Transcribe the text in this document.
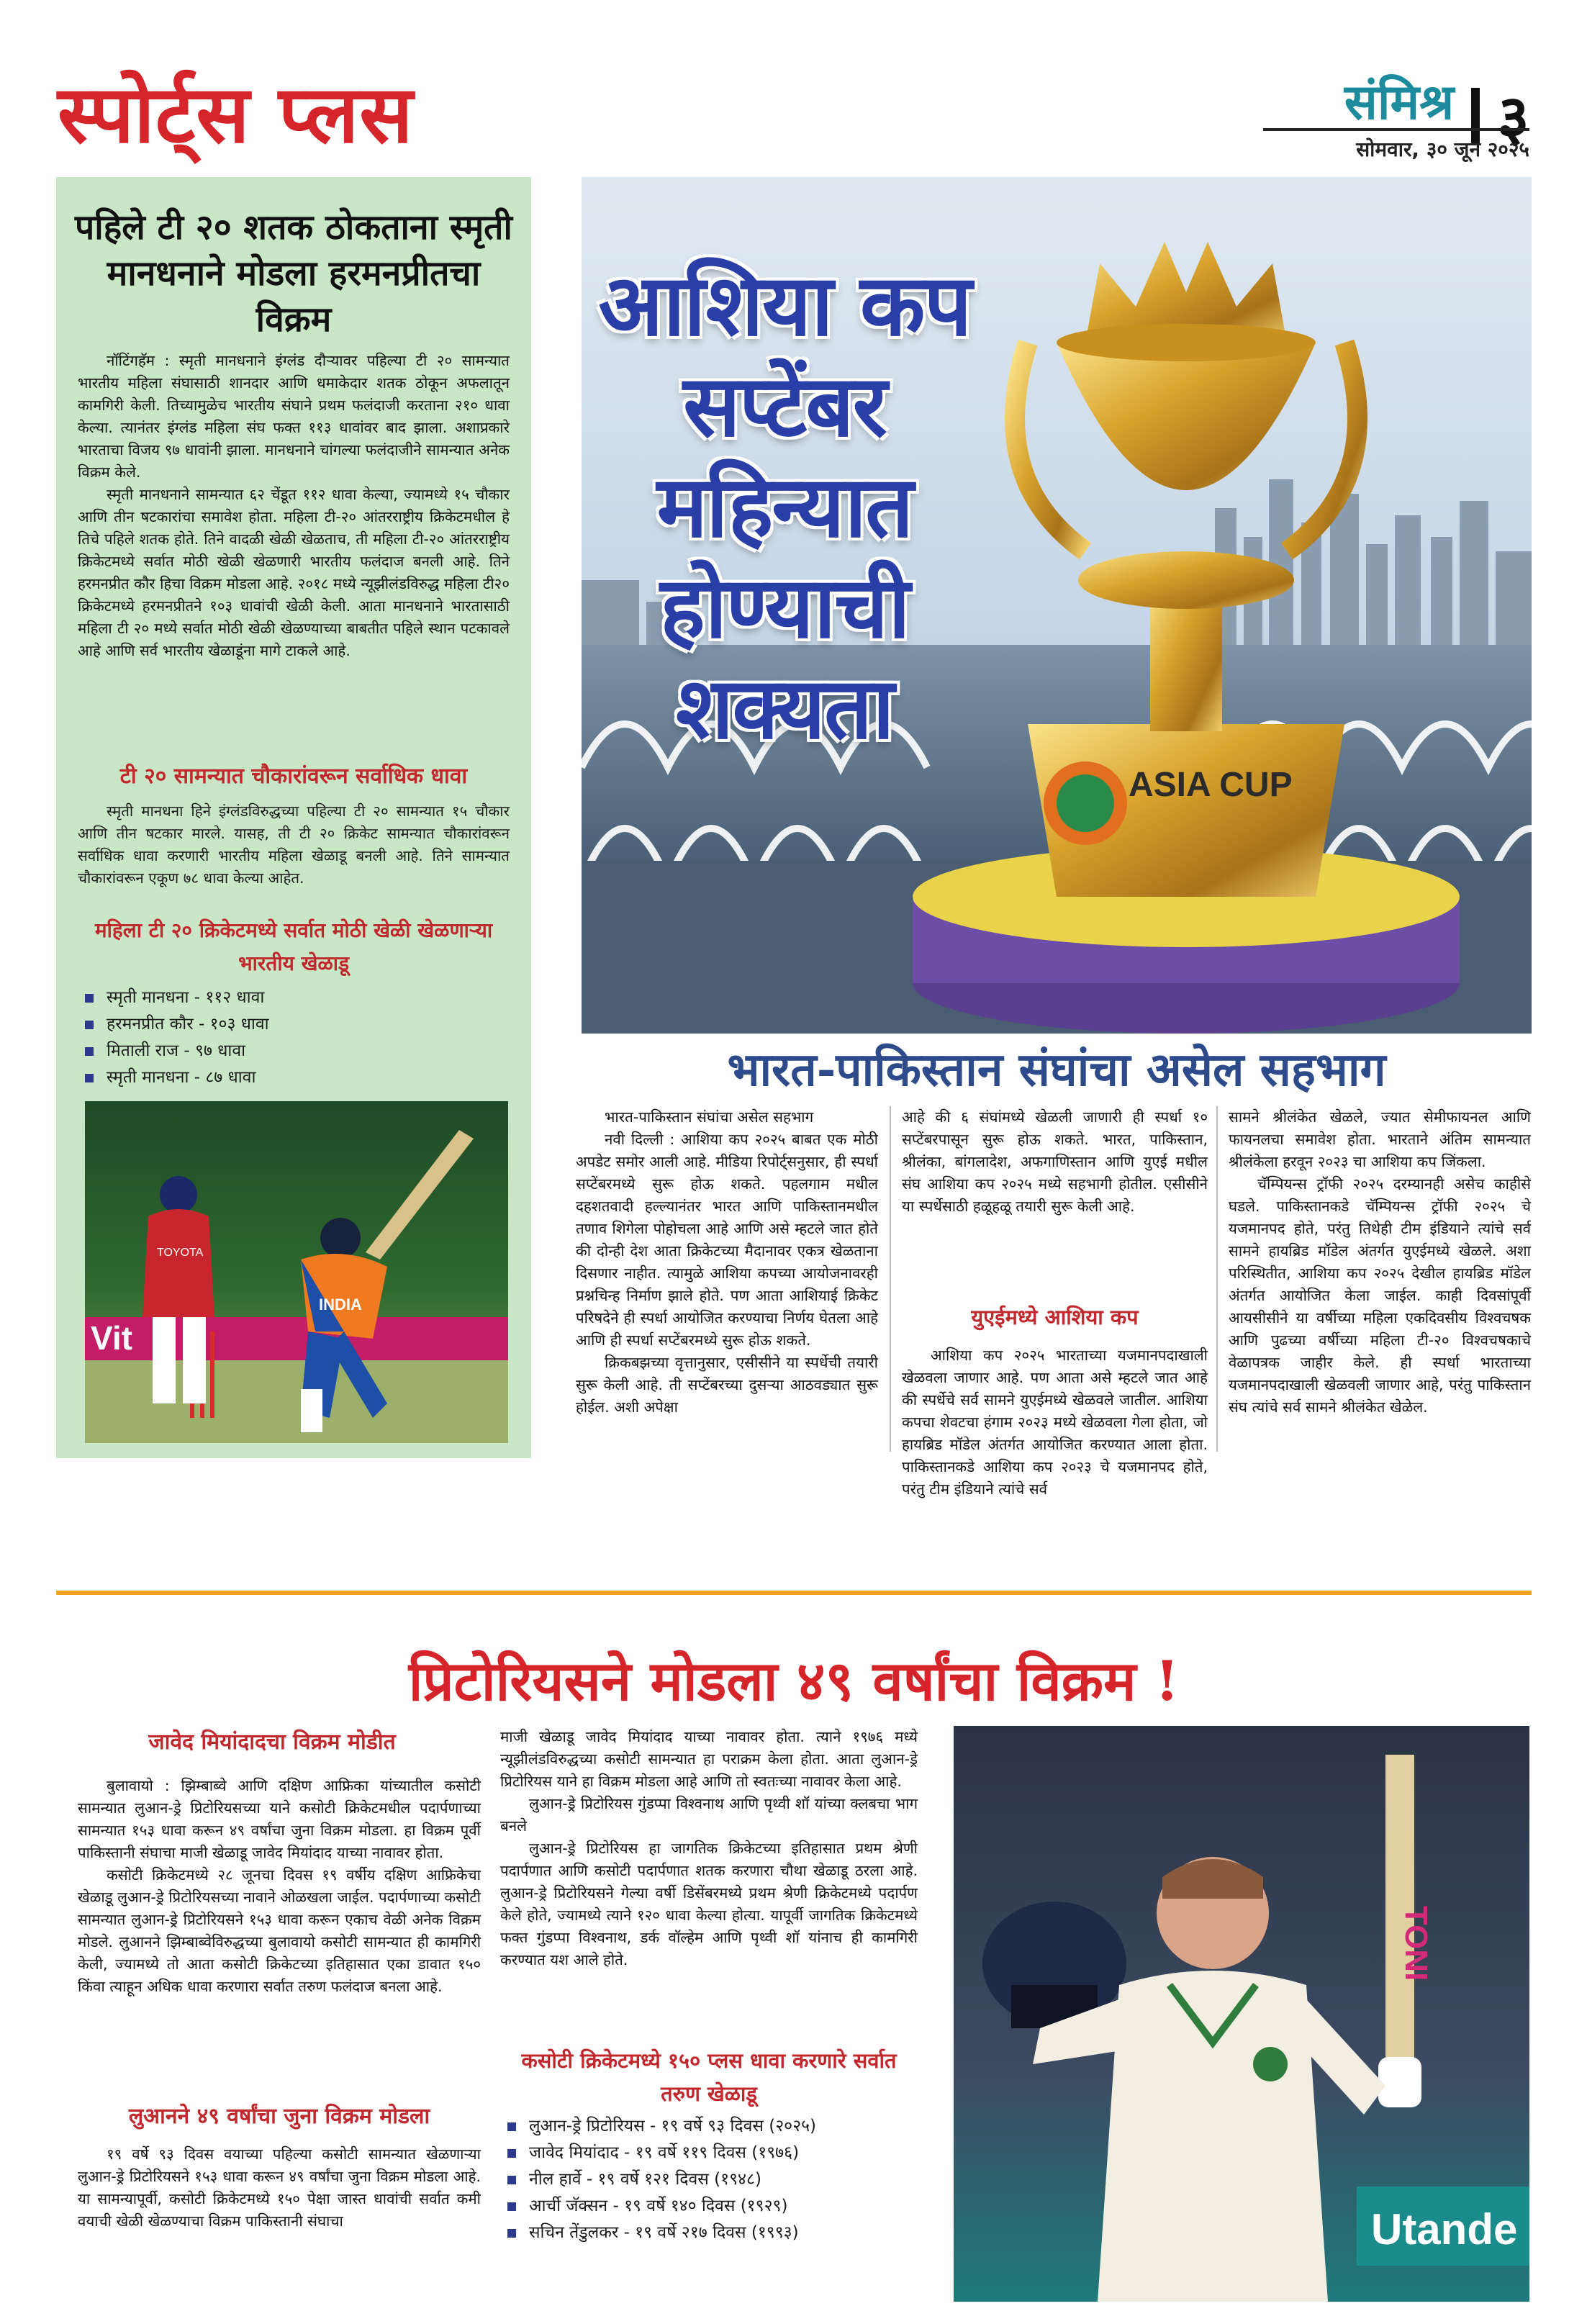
स्पोर्ट्स प्लस	संमिश्र ३
सोमवार, ३० जून २०२५
पहिले टी २० शतक ठोकताना स्मृती मानधनाने मोडला हरमनप्रीतचा विक्रम

नॉटिंगहॅम : स्मृती मानधनाने इंग्लंड दौऱ्यावर पहिल्या टी २० सामन्यात भारतीय महिला संघासाठी शानदार आणि धमाकेदार शतक ठोकून अफलातून कामगिरी केली. तिच्यामुळेच भारतीय संघाने प्रथम फलंदाजी करताना २१० धावा केल्या. त्यानंतर इंग्लंड महिला संघ फक्त ११३ धावांवर बाद झाला. अशाप्रकारे भारताचा विजय ९७ धावांनी झाला. मानधनाने चांगल्या फलंदाजीने सामन्यात अनेक विक्रम केले.

स्मृती मानधनाने सामन्यात ६२ चेंडूत ११२ धावा केल्या, ज्यामध्ये १५ चौकार आणि तीन षटकारांचा समावेश होता. महिला टी-२० आंतरराष्ट्रीय क्रिकेटमधील हे तिचे पहिले शतक होते. तिने वादळी खेळी खेळताच, ती महिला टी-२० आंतरराष्ट्रीय क्रिकेटमध्ये सर्वात मोठी खेळी खेळणारी भारतीय फलंदाज बनली आहे. तिने हरमनप्रीत कौर हिचा विक्रम मोडला आहे. २०१८ मध्ये न्यूझीलंडविरुद्ध महिला टी२० क्रिकेटमध्ये हरमनप्रीतने १०३ धावांची खेळी केली. आता मानधनाने भारतासाठी महिला टी २० मध्ये सर्वात मोठी खेळी खेळण्याच्या बाबतीत पहिले स्थान पटकावले आहे आणि सर्व भारतीय खेळाडूंना मागे टाकले आहे.

टी २० सामन्यात चौकारांवरून सर्वाधिक धावा

स्मृती मानधना हिने इंग्लंडविरुद्धच्या पहिल्या टी २० सामन्यात १५ चौकार आणि तीन षटकार मारले. यासह, ती टी २० क्रिकेट सामन्यात चौकारांवरून सर्वाधिक धावा करणारी भारतीय महिला खेळाडू बनली आहे. तिने सामन्यात चौकारांवरून एकूण ७८ धावा केल्या आहेत.

महिला टी २० क्रिकेटमध्ये सर्वात मोठी खेळी खेळणाऱ्या भारतीय खेळाडू
स्मृती मानधना - ११२ धावा
हरमनप्रीत कौर - १०३ धावा
मिताली राज - ९७ धावा
स्मृती मानधना - ८७ धावा
Vit
TOYOTA
INDIA
ASIA CUP
आशिया कप सप्टेंबर महिन्यात होण्याची शक्यता
भारत-पाकिस्तान संघांचा असेल सहभाग

भारत-पाकिस्तान संघांचा असेल सहभाग

नवी दिल्ली : आशिया कप २०२५ बाबत एक मोठी अपडेट समोर आली आहे. मीडिया रिपोर्ट्सनुसार, ही स्पर्धा सप्टेंबरमध्ये सुरू होऊ शकते. पहलगाम मधील दहशतवादी हल्ल्यानंतर भारत आणि पाकिस्तानमधील तणाव शिगेला पोहोचला आहे आणि असे म्हटले जात होते की दोन्ही देश आता क्रिकेटच्या मैदानावर एकत्र खेळताना दिसणार नाहीत. त्यामुळे आशिया कपच्या आयोजनावरही प्रश्नचिन्ह निर्माण झाले होते. पण आता आशियाई क्रिकेट परिषदेने ही स्पर्धा आयोजित करण्याचा निर्णय घेतला आहे आणि ही स्पर्धा सप्टेंबरमध्ये सुरू होऊ शकते.

क्रिकबझच्या वृत्तानुसार, एसीसीने या स्पर्धेची तयारी सुरू केली आहे. ती सप्टेंबरच्या दुसऱ्या आठवड्यात सुरू होईल. अशी अपेक्षा

आहे की ६ संघांमध्ये खेळली जाणारी ही स्पर्धा १० सप्टेंबरपासून सुरू होऊ शकते. भारत, पाकिस्तान, श्रीलंका, बांगलादेश, अफगाणिस्तान आणि युएई मधील संघ आशिया कप २०२५ मध्ये सहभागी होतील. एसीसीने या स्पर्धेसाठी हळूहळू तयारी सुरू केली आहे.

युएईमध्ये आशिया कप

आशिया कप २०२५ भारताच्या यजमानपदाखाली खेळवला जाणार आहे. पण आता असे म्हटले जात आहे की स्पर्धेचे सर्व सामने युएईमध्ये खेळवले जातील. आशिया कपचा शेवटचा हंगाम २०२३ मध्ये खेळवला गेला होता, जो हायब्रिड मॉडेल अंतर्गत आयोजित करण्यात आला होता. पाकिस्तानकडे आशिया कप २०२३ चे यजमानपद होते, परंतु टीम इंडियाने त्यांचे सर्व

सामने श्रीलंकेत खेळले, ज्यात सेमीफायनल आणि फायनलचा समावेश होता. भारताने अंतिम सामन्यात श्रीलंकेला हरवून २०२३ चा आशिया कप जिंकला.

चॅम्पियन्स ट्रॉफी २०२५ दरम्यानही असेच काहीसे घडले. पाकिस्तानकडे चॅम्पियन्स ट्रॉफी २०२५ चे यजमानपद होते, परंतु तिथेही टीम इंडियाने त्यांचे सर्व सामने हायब्रिड मॉडेल अंतर्गत युएईमध्ये खेळले. अशा परिस्थितीत, आशिया कप २०२५ देखील हायब्रिड मॉडेल अंतर्गत आयोजित केला जाईल. काही दिवसांपूर्वी आयसीसीने या वर्षीच्या महिला एकदिवसीय विश्वचषक आणि पुढच्या वर्षीच्या महिला टी-२० विश्वचषकाचे वेळापत्रक जाहीर केले. ही स्पर्धा भारताच्या यजमानपदाखाली खेळवली जाणार आहे, परंतु पाकिस्तान संघ त्यांचे सर्व सामने श्रीलंकेत खेळेल.

प्रिटोरियसने मोडला ४९ वर्षांचा विक्रम !
जावेद मियांदादचा विक्रम मोडीत

बुलावायो : झिम्बाब्वे आणि दक्षिण आफ्रिका यांच्यातील कसोटी सामन्यात लुआन-ड्रे प्रिटोरियसच्या याने कसोटी क्रिकेटमधील पदार्पणाच्या सामन्यात १५३ धावा करून ४९ वर्षांचा जुना विक्रम मोडला. हा विक्रम पूर्वी पाकिस्तानी संघाचा माजी खेळाडू जावेद मियांदाद याच्या नावावर होता.

कसोटी क्रिकेटमध्ये २८ जूनचा दिवस १९ वर्षीय दक्षिण आफ्रिकेचा खेळाडू लुआन-ड्रे प्रिटोरियसच्या नावाने ओळखला जाईल. पदार्पणाच्या कसोटी सामन्यात लुआन-ड्रे प्रिटोरियसने १५३ धावा करून एकाच वेळी अनेक विक्रम मोडले. लुआनने झिम्बाब्वेविरुद्धच्या बुलावायो कसोटी सामन्यात ही कामगिरी केली, ज्यामध्ये तो आता कसोटी क्रिकेटच्या इतिहासात एका डावात १५० किंवा त्याहून अधिक धावा करणारा सर्वात तरुण फलंदाज बनला आहे.

लुआनने ४९ वर्षांचा जुना विक्रम मोडला

१९ वर्षे ९३ दिवस वयाच्या पहिल्या कसोटी सामन्यात खेळणाऱ्या लुआन-ड्रे प्रिटोरियसने १५३ धावा करून ४९ वर्षांचा जुना विक्रम मोडला आहे. या सामन्यापूर्वी, कसोटी क्रिकेटमध्ये १५० पेक्षा जास्त धावांची सर्वात कमी वयाची खेळी खेळण्याचा विक्रम पाकिस्तानी संघाचा

माजी खेळाडू जावेद मियांदाद याच्या नावावर होता. त्याने १९७६ मध्ये न्यूझीलंडविरुद्धच्या कसोटी सामन्यात हा पराक्रम केला होता. आता लुआन-ड्रे प्रिटोरियस याने हा विक्रम मोडला आहे आणि तो स्वतःच्या नावावर केला आहे.

लुआन-ड्रे प्रिटोरियस गुंडप्पा विश्वनाथ आणि पृथ्वी शॉ यांच्या क्लबचा भाग बनले

लुआन-ड्रे प्रिटोरियस हा जागतिक क्रिकेटच्या इतिहासात प्रथम श्रेणी पदार्पणात आणि कसोटी पदार्पणात शतक करणारा चौथा खेळाडू ठरला आहे. लुआन-ड्रे प्रिटोरियसने गेल्या वर्षी डिसेंबरमध्ये प्रथम श्रेणी क्रिकेटमध्ये पदार्पण केले होते, ज्यामध्ये त्याने १२० धावा केल्या होत्या. यापूर्वी जागतिक क्रिकेटमध्ये फक्त गुंडप्पा विश्वनाथ, डर्क वॉल्हेम आणि पृथ्वी शॉ यांनाच ही कामगिरी करण्यात यश आले होते.

कसोटी क्रिकेटमध्ये १५० प्लस धावा करणारे सर्वात तरुण खेळाडू
लुआन-ड्रे प्रिटोरियस - १९ वर्षे ९३ दिवस (२०२५)
जावेद मियांदाद - १९ वर्षे ११९ दिवस (१९७६)
नील हार्वे - १९ वर्षे १२१ दिवस (१९४८)
आर्ची जॅक्सन - १९ वर्षे १४० दिवस (१९२९)
सचिन तेंडुलकर - १९ वर्षे २१७ दिवस (१९९३)	Utande
TONI
